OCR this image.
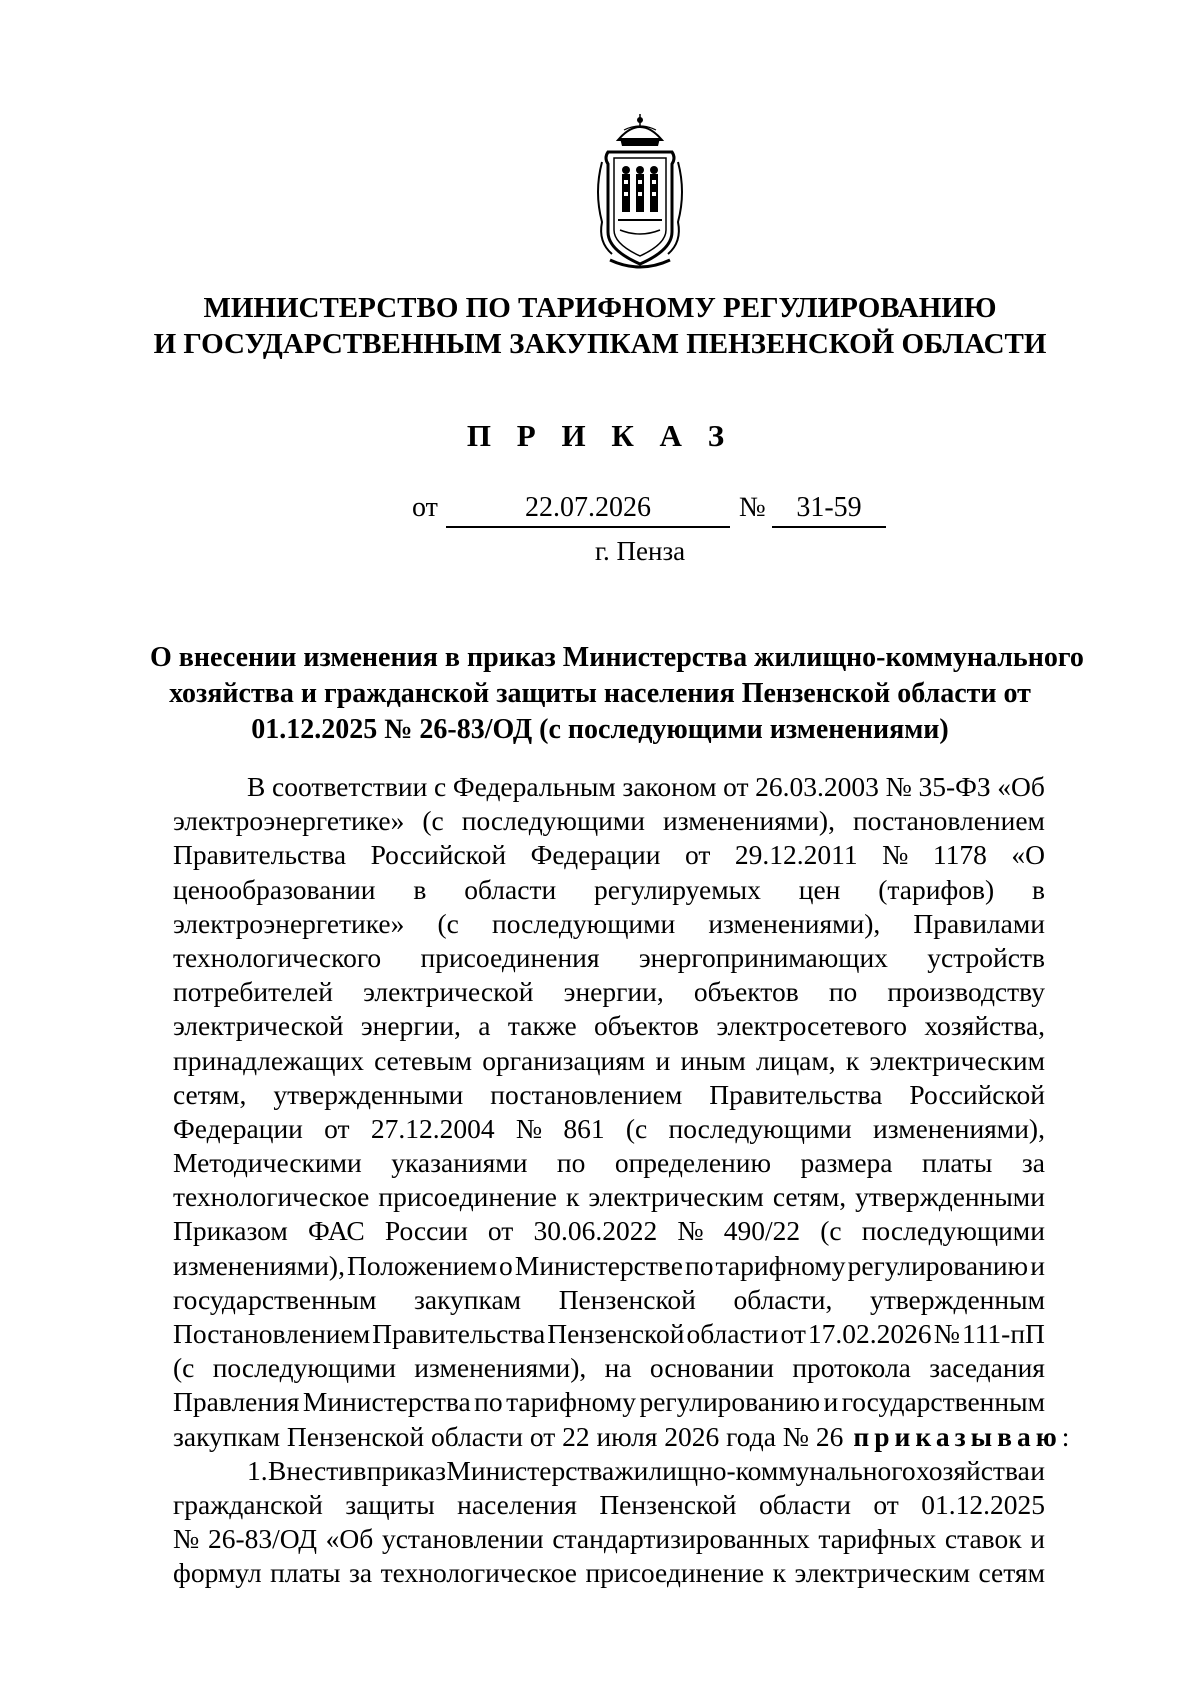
МИНИСТЕРСТВО ПО ТАРИФНОМУ РЕГУЛИРОВАНИЮ
И ГОСУДАРСТВЕННЫМ ЗАКУПКАМ ПЕНЗЕНСКОЙ ОБЛАСТИ
П Р И К А З
от	22.07.2026	№	31-59
г. Пенза
О внесении изменения в приказ Министерства жилищно-коммунального
хозяйства и гражданской защиты населения Пензенской области от
01.12.2025 № 26-83/ОД (с последующими изменениями)
В соответствии с Федеральным законом от 26.03.2003 № 35-ФЗ «Об
электроэнергетике» (с последующими изменениями), постановлением
Правительства Российской Федерации от 29.12.2011 № 1178 «О
ценообразовании в области регулируемых цен (тарифов) в
электроэнергетике» (с последующими изменениями), Правилами
технологического присоединения энергопринимающих устройств
потребителей электрической энергии, объектов по производству
электрической энергии, а также объектов электросетевого хозяйства,
принадлежащих сетевым организациям и иным лицам, к электрическим
сетям, утвержденными постановлением Правительства Российской
Федерации от 27.12.2004 № 861 (с последующими изменениями),
Методическими указаниями по определению размера платы за
технологическое присоединение к электрическим сетям, утвержденными
Приказом ФАС России от 30.06.2022 № 490/22 (с последующими
изменениями), Положением о Министерстве по тарифному регулированию и
государственным закупкам Пензенской области, утвержденным
Постановлением Правительства Пензенской области от 17.02.2026 № 111-пП
(с последующими изменениями), на основании протокола заседания
Правления Министерства по тарифному регулированию и государственным
закупкам Пензенской области от 22 июля 2026 года № 26 приказываю :
1. Внести в приказ Министерства жилищно-коммунального хозяйства и
гражданской защиты населения Пензенской области от 01.12.2025
№ 26-83/ОД «Об установлении стандартизированных тарифных ставок и
формул платы за технологическое присоединение к электрическим сетям
